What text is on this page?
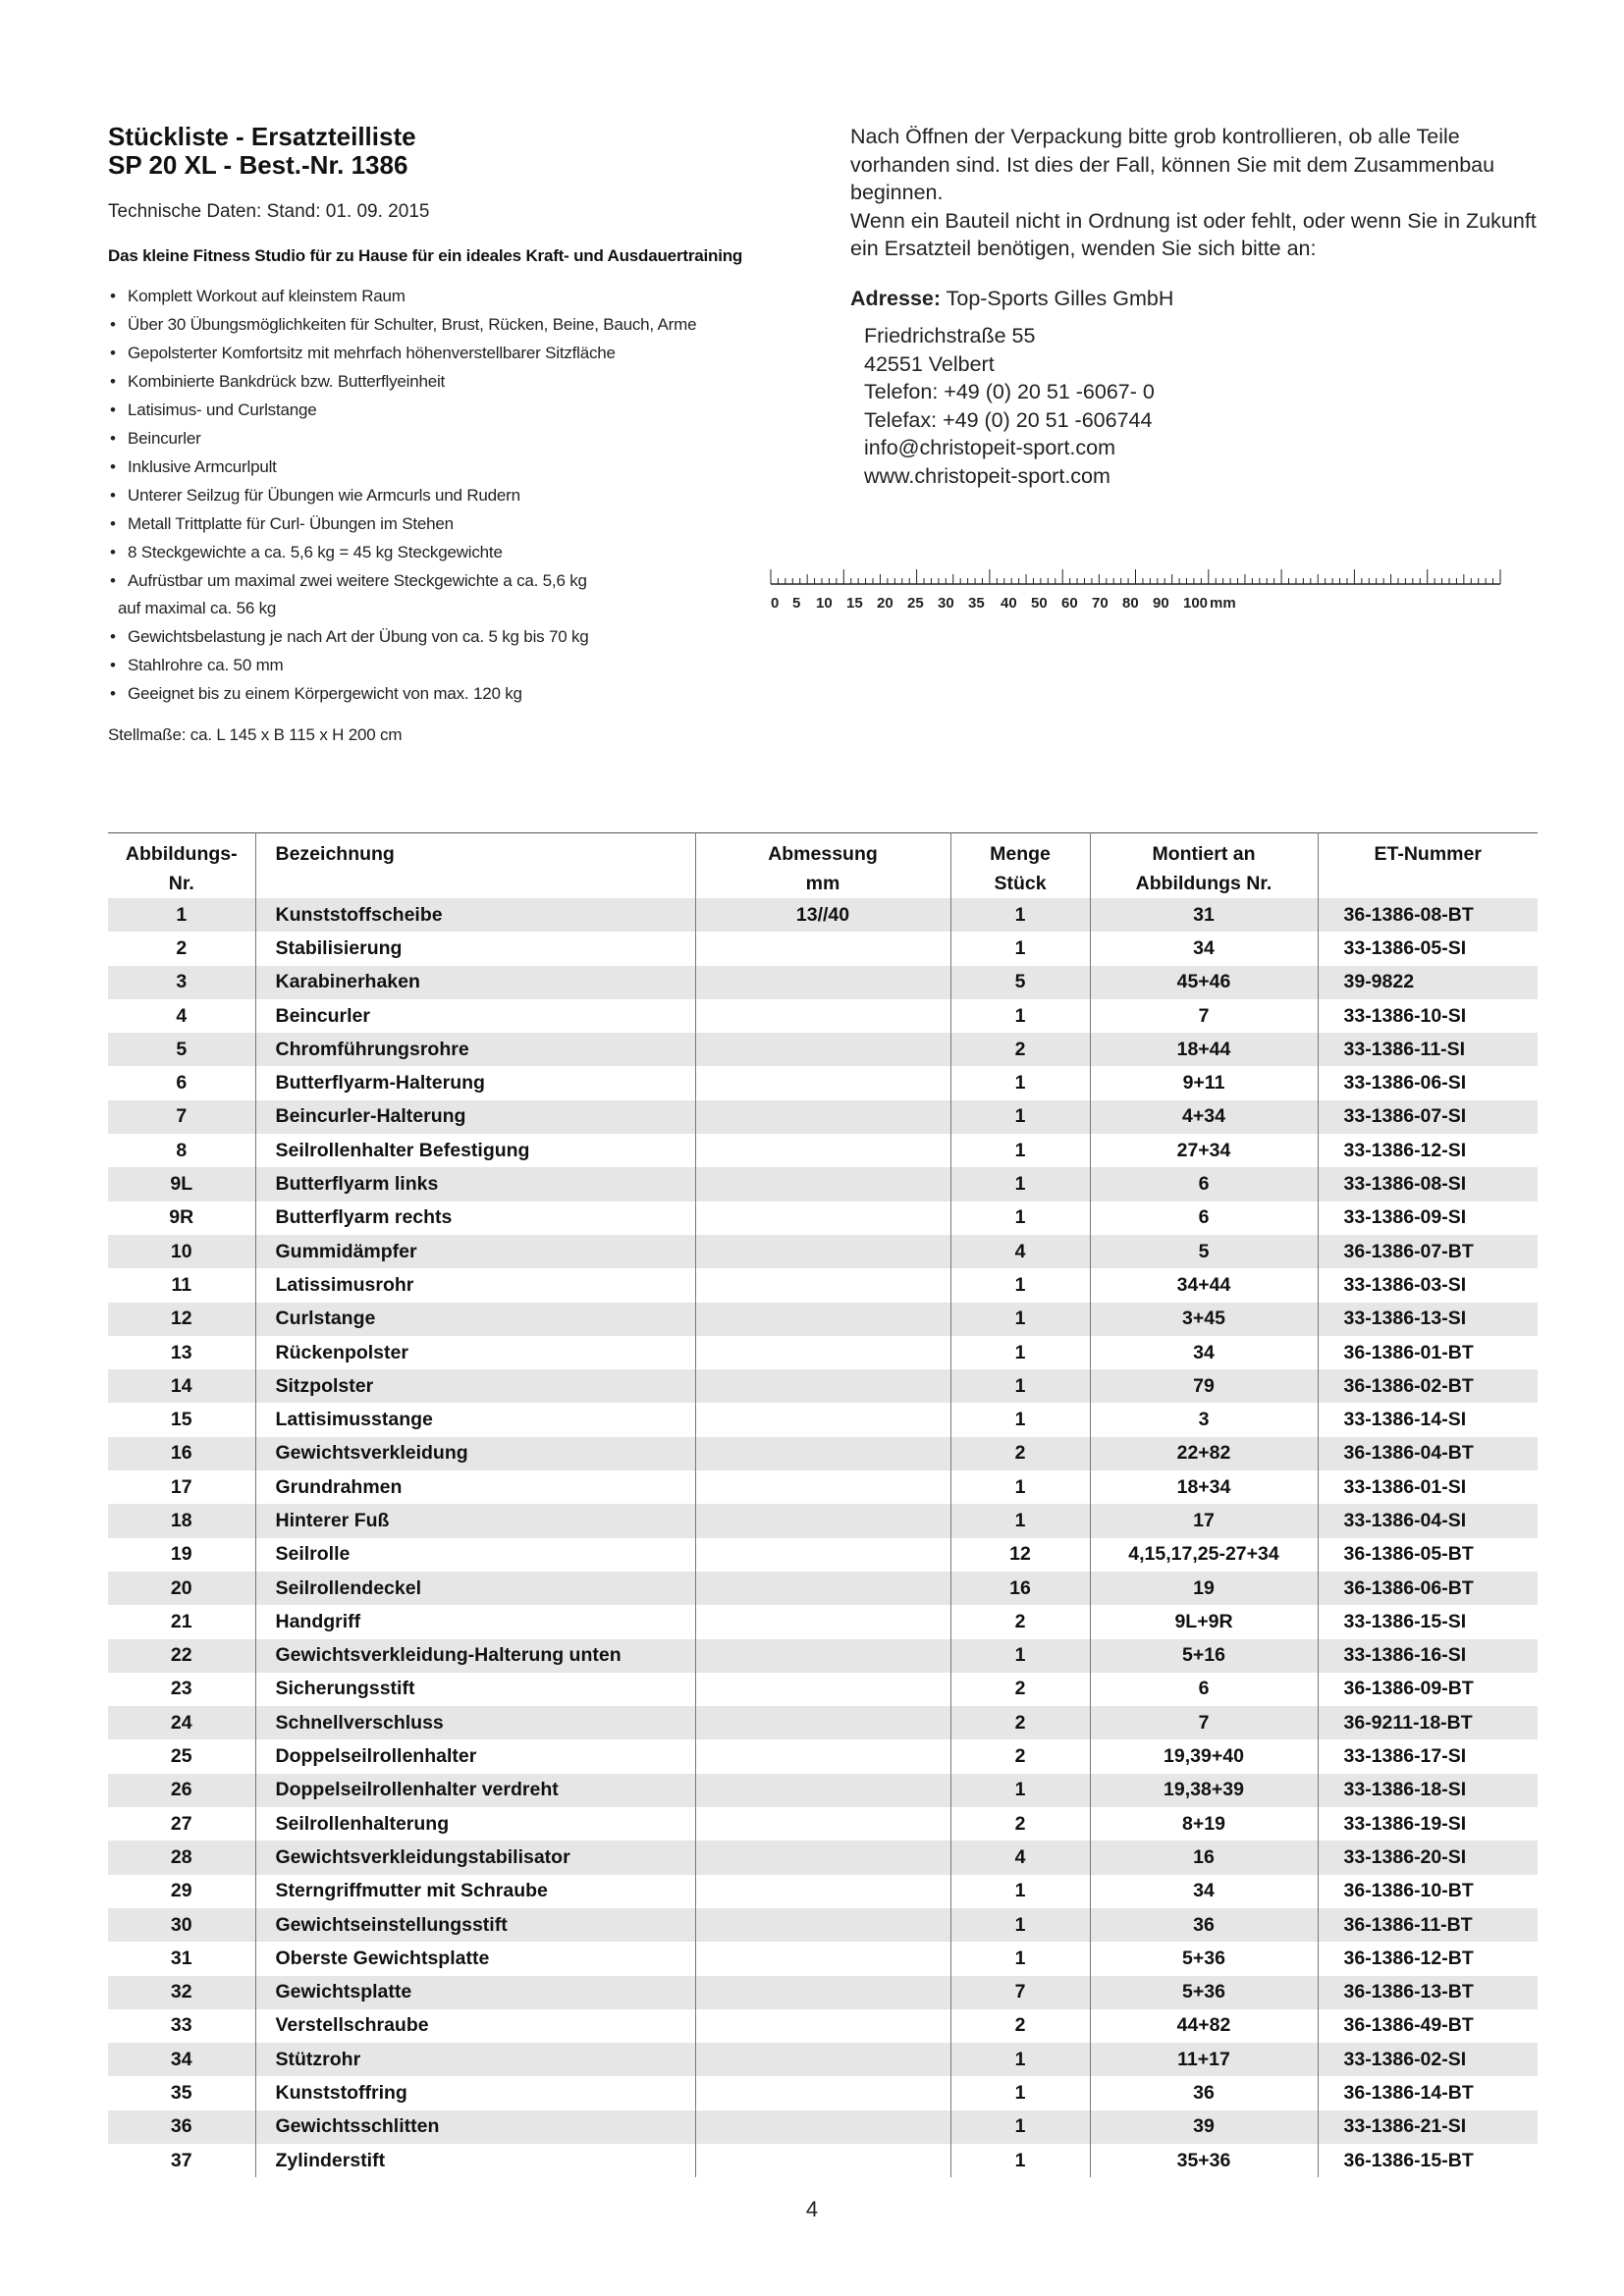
Stückliste - Ersatzteilliste
SP 20 XL - Best.-Nr. 1386
Technische Daten: Stand: 01. 09. 2015
Das kleine Fitness Studio für zu Hause für ein ideales Kraft- und Ausdauertraining
• Komplett Workout auf kleinstem Raum
• Über 30 Übungsmöglichkeiten für Schulter, Brust, Rücken, Beine, Bauch, Arme
• Gepolsterter Komfortsitz mit mehrfach höhenverstellbarer Sitzfläche
• Kombinierte Bankdrück bzw. Butterflyeinheit
• Latisimus- und Curlstange
• Beincurler
• Inklusive Armcurlpult
• Unterer Seilzug für Übungen wie Armcurls und Rudern
• Metall Trittplatte für Curl- Übungen im Stehen
• 8 Steckgewichte a ca. 5,6 kg = 45 kg Steckgewichte
• Aufrüstbar um maximal zwei weitere Steckgewichte a ca. 5,6 kg
auf maximal ca. 56 kg
• Gewichtsbelastung je nach Art der Übung von ca. 5 kg bis 70 kg
• Stahlrohre ca. 50 mm
• Geeignet bis zu einem Körpergewicht von max. 120 kg
Stellmaße: ca. L 145 x B 115 x H 200 cm

Nach Öffnen der Verpackung bitte grob kontrollieren, ob alle Teile vorhanden sind. Ist dies der Fall, können Sie mit dem Zusammenbau beginnen.

Wenn ein Bauteil nicht in Ordnung ist oder fehlt, oder wenn Sie in Zukunft ein Ersatzteil benötigen, wenden Sie sich bitte an:

Adresse: Top-Sports Gilles GmbH
Friedrichstraße 55
42551 Velbert
Telefon: +49 (0) 20 51 -6067- 0
Telefax: +49 (0) 20 51 -606744
info@christopeit-sport.com
www.christopeit-sport.com
0 5 10 15 20 25 30 35 40 50 60 70 80 90 100 mm
Abbildungs-	Bezeichnung	Abmessung	Menge	Montiert an	ET-Nummer
Nr.		mm	Stück	Abbildungs Nr.	
1	Kunststoffscheibe	13//40	1	31	36-1386-08-BT
2	Stabilisierung		1	34	33-1386-05-SI
3	Karabinerhaken		5	45+46	39-9822
4	Beincurler		1	7	33-1386-10-SI
5	Chromführungsrohre		2	18+44	33-1386-11-SI
6	Butterflyarm-Halterung		1	9+11	33-1386-06-SI
7	Beincurler-Halterung		1	4+34	33-1386-07-SI
8	Seilrollenhalter Befestigung		1	27+34	33-1386-12-SI
9L	Butterflyarm links		1	6	33-1386-08-SI
9R	Butterflyarm rechts		1	6	33-1386-09-SI
10	Gummidämpfer		4	5	36-1386-07-BT
11	Latissimusrohr		1	34+44	33-1386-03-SI
12	Curlstange		1	3+45	33-1386-13-SI
13	Rückenpolster		1	34	36-1386-01-BT
14	Sitzpolster		1	79	36-1386-02-BT
15	Lattisimusstange		1	3	33-1386-14-SI
16	Gewichtsverkleidung		2	22+82	36-1386-04-BT
17	Grundrahmen		1	18+34	33-1386-01-SI
18	Hinterer Fuß		1	17	33-1386-04-SI
19	Seilrolle		12	4,15,17,25-27+34	36-1386-05-BT
20	Seilrollendeckel		16	19	36-1386-06-BT
21	Handgriff		2	9L+9R	33-1386-15-SI
22	Gewichtsverkleidung-Halterung unten		1	5+16	33-1386-16-SI
23	Sicherungsstift		2	6	36-1386-09-BT
24	Schnellverschluss		2	7	36-9211-18-BT
25	Doppelseilrollenhalter		2	19,39+40	33-1386-17-SI
26	Doppelseilrollenhalter verdreht		1	19,38+39	33-1386-18-SI
27	Seilrollenhalterung		2	8+19	33-1386-19-SI
28	Gewichtsverkleidungstabilisator		4	16	33-1386-20-SI
29	Sterngriffmutter mit Schraube		1	34	36-1386-10-BT
30	Gewichtseinstellungsstift		1	36	36-1386-11-BT
31	Oberste Gewichtsplatte		1	5+36	36-1386-12-BT
32	Gewichtsplatte		7	5+36	36-1386-13-BT
33	Verstellschraube		2	44+82	36-1386-49-BT
34	Stützrohr		1	11+17	33-1386-02-SI
35	Kunststoffring		1	36	36-1386-14-BT
36	Gewichtsschlitten		1	39	33-1386-21-SI
37	Zylinderstift		1	35+36	36-1386-15-BT
4
